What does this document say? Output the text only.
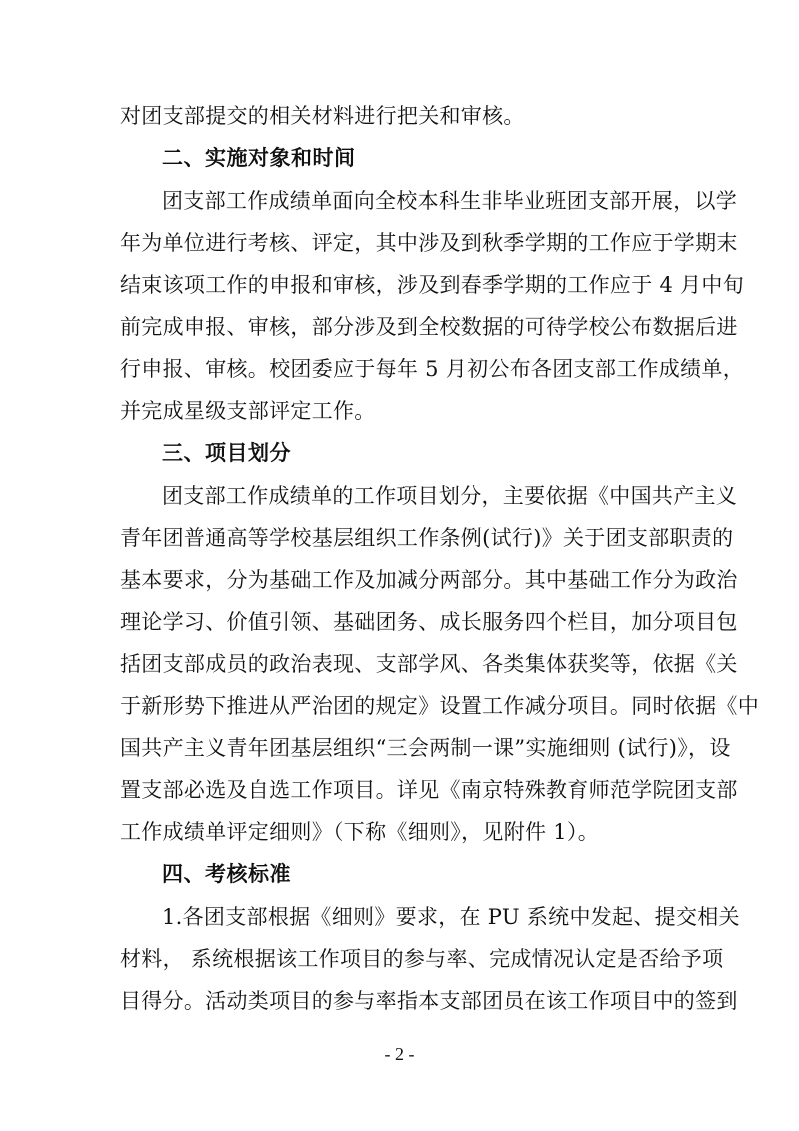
对团支部提交的相关材料进行把关和审核。
二、实施对象和时间
团支部工作成绩单面向全校本科生非毕业班团支部开展，以学
年为单位进行考核、评定，其中涉及到秋季学期的工作应于学期末
结束该项工作的申报和审核，涉及到春季学期的工作应于 4 月中旬
前完成申报、审核，部分涉及到全校数据的可待学校公布数据后进
行申报、审核。校团委应于每年 5 月初公布各团支部工作成绩单，
并完成星级支部评定工作。
三、项目划分
团支部工作成绩单的工作项目划分，主要依据《中国共产主义
青年团普通高等学校基层组织工作条例(试行)》关于团支部职责的
基本要求，分为基础工作及加减分两部分。其中基础工作分为政治
理论学习、价值引领、基础团务、成长服务四个栏目，加分项目包
括团支部成员的政治表现、支部学风、各类集体获奖等，依据《关
于新形势下推进从严治团的规定》设置工作减分项目。同时依据《中
国共产主义青年团基层组织“三会两制一课”实施细则 (试行)》，设
置支部必选及自选工作项目。详见《南京特殊教育师范学院团支部
工作成绩单评定细则》（下称《细则》，见附件 1）。
四、考核标准
1.各团支部根据《细则》要求，在 PU 系统中发起、提交相关
材料， 系统根据该工作项目的参与率、完成情况认定是否给予项
目得分。活动类项目的参与率指本支部团员在该工作项目中的签到
- 2 -
